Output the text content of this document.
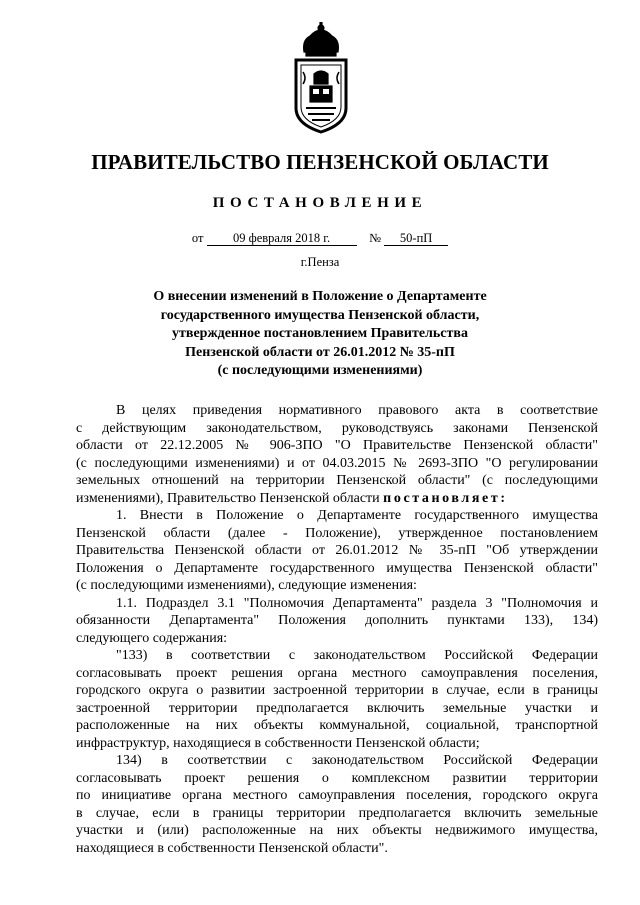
ПРАВИТЕЛЬСТВО ПЕНЗЕНСКОЙ ОБЛАСТИ
ПОСТАНОВЛЕНИЕ
от 09 февраля 2018 г.	№ 50-пП
г.Пенза
О внесении изменений в Положение о Департаменте
государственного имущества Пензенской области,
утвержденное постановлением Правительства
Пензенской области от 26.01.2012 № 35-пП
(с последующими изменениями)
В целях приведения нормативного правового акта в соответствие
с действующим законодательством, руководствуясь законами Пензенской
области от 22.12.2005 № 906-ЗПО "О Правительстве Пензенской области"
(с последующими изменениями) и от 04.03.2015 № 2693-ЗПО "О регулировании
земельных отношений на территории Пензенской области" (с последующими
изменениями), Правительство Пензенской области постановляет:
1. Внести в Положение о Департаменте государственного имущества
Пензенской области (далее - Положение), утвержденное постановлением
Правительства Пензенской области от 26.01.2012 № 35-пП "Об утверждении
Положения о Департаменте государственного имущества Пензенской области"
(с последующими изменениями), следующие изменения:
1.1. Подраздел 3.1 "Полномочия Департамента" раздела 3 "Полномочия и
обязанности Департамента" Положения дополнить пунктами 133), 134)
следующего содержания:
"133) в соответствии с законодательством Российской Федерации
согласовывать проект решения органа местного самоуправления поселения,
городского округа о развитии застроенной территории в случае, если в границы
застроенной территории предполагается включить земельные участки и
расположенные на них объекты коммунальной, социальной, транспортной
инфраструктур, находящиеся в собственности Пензенской области;
134) в соответствии с законодательством Российской Федерации
согласовывать проект решения о комплексном развитии территории
по инициативе органа местного самоуправления поселения, городского округа
в случае, если в границы территории предполагается включить земельные
участки и (или) расположенные на них объекты недвижимого имущества,
находящиеся в собственности Пензенской области".
